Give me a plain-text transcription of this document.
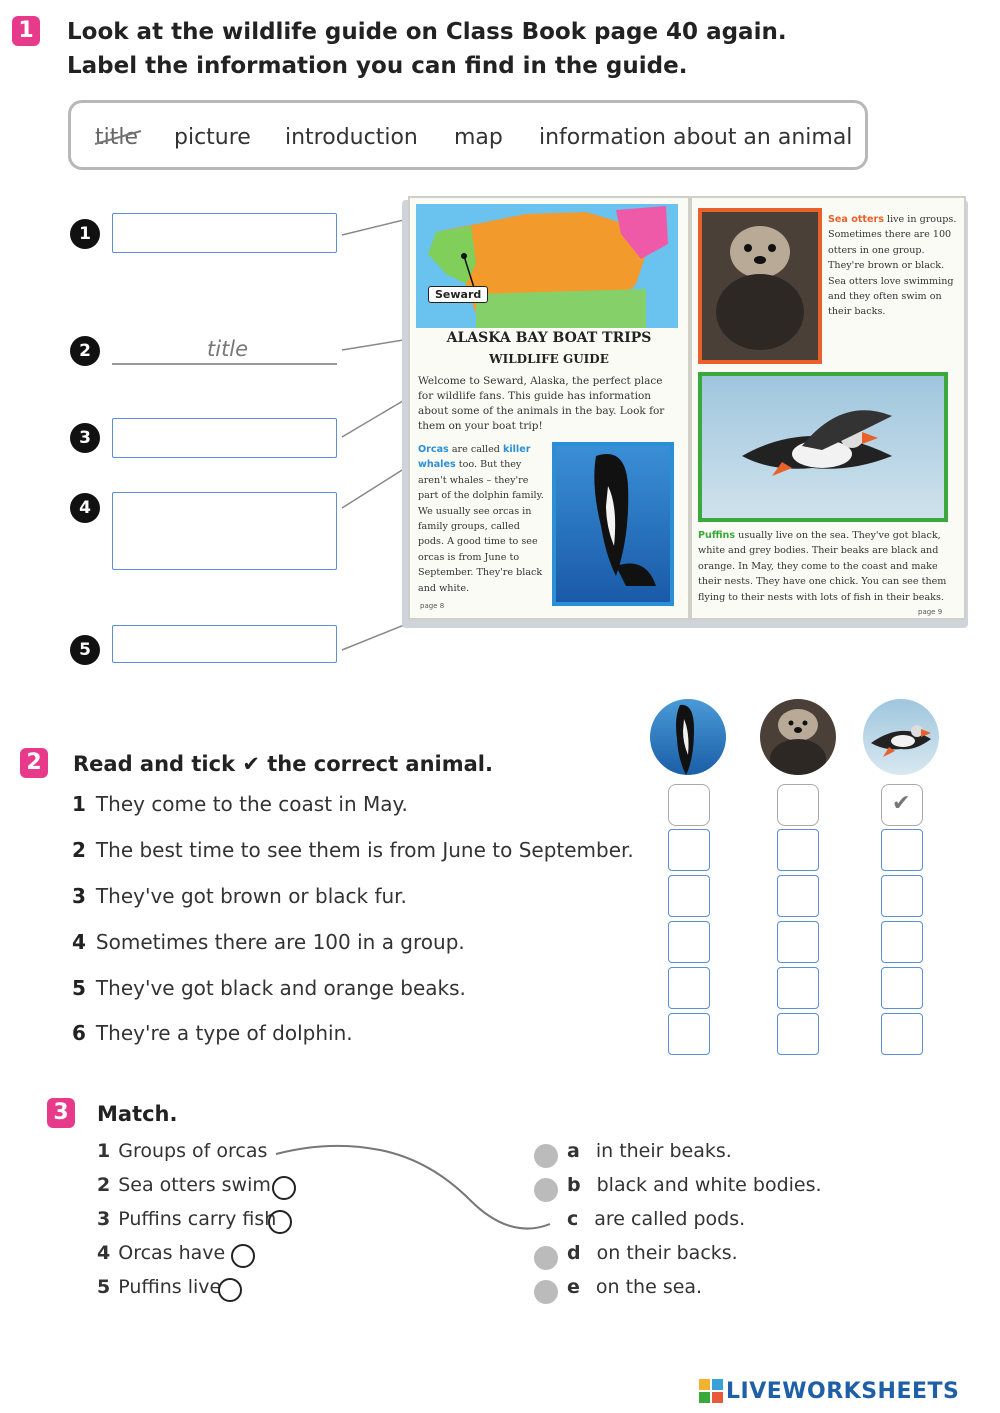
1 Look at the wildlife guide on Class Book page 40 again.
Label the information you can find in the guide.
title picture introduction map information about an animal
1
2
3
4
5
title
Seward
ALASKA BAY BOAT TRIPS
WILDLIFE GUIDE
Welcome to Seward, Alaska, the perfect place for wildlife fans. This guide has information about some of the animals in the bay. Look for them on your boat trip!
Orcas are called killer whales too. But they aren't whales – they're part of the dolphin family. We usually see orcas in family groups, called pods. A good time to see orcas is from June to September. They're black and white.
page 8
Sea otters live in groups. Sometimes there are 100 otters in one group. They're brown or black. Sea otters love swimming and they often swim on their backs.
Puffins usually live on the sea. They've got black, white and grey bodies. Their beaks are black and orange. In May, they come to the coast and make their nests. They have one chick. You can see them flying to their nests with lots of fish in their beaks.
page 9
2	Read and tick ✔ the correct animal.
1 They come to the coast in May.
2 The best time to see them is from June to September.
3 They've got brown or black fur.
4 Sometimes there are 100 in a group.
5 They've got black and orange beaks.
6 They're a type of dolphin.
✔
3	Match.
1 Groups of orcas
2 Sea otters swim
3 Puffins carry fish
4 Orcas have
5 Puffins live
a in their beaks.
b black and white bodies.
c are called pods.
d on their backs.
e on the sea.
LIVEWORKSHEETS
